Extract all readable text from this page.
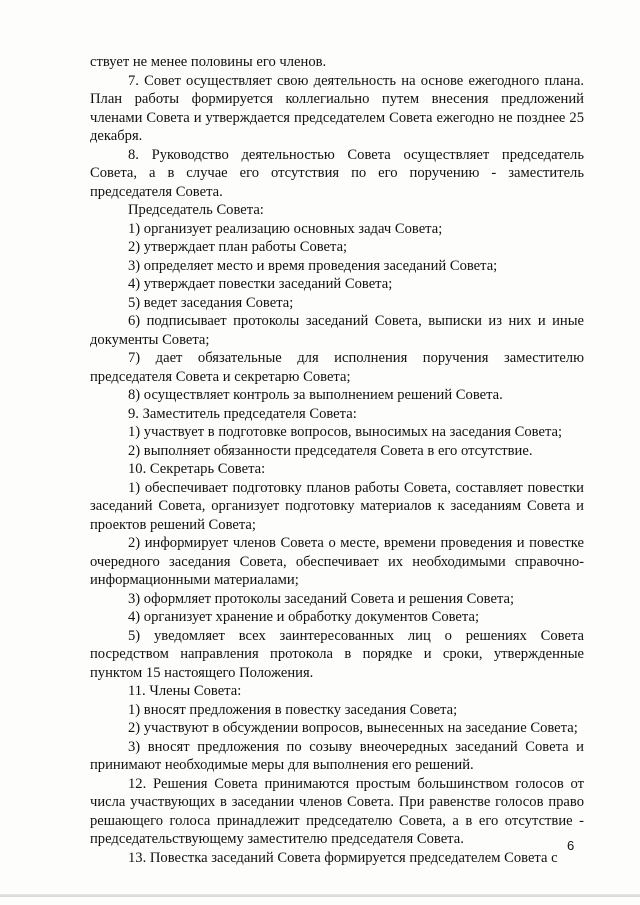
ствует не менее половины его членов.

7. Совет осуществляет свою деятельность на основе ежегодного плана. План работы формируется коллегиально путем внесения предложений членами Совета и утверждается председателем Совета ежегодно не позднее 25 декабря.

8. Руководство деятельностью Совета осуществляет председатель Совета, а в случае его отсутствия по его поручению - заместитель председателя Совета.

Председатель Совета:

1) организует реализацию основных задач Совета;

2) утверждает план работы Совета;

3) определяет место и время проведения заседаний Совета;

4) утверждает повестки заседаний Совета;

5) ведет заседания Совета;

6) подписывает протоколы заседаний Совета, выписки из них и иные документы Совета;

7) дает обязательные для исполнения поручения заместителю председателя Совета и секретарю Совета;

8) осуществляет контроль за выполнением решений Совета.

9. Заместитель председателя Совета:

1) участвует в подготовке вопросов, выносимых на заседания Совета;

2) выполняет обязанности председателя Совета в его отсутствие.

10. Секретарь Совета:

1) обеспечивает подготовку планов работы Совета, составляет повестки заседаний Совета, организует подготовку материалов к заседаниям Совета и проектов решений Совета;

2) информирует членов Совета о месте, времени проведения и повестке очередного заседания Совета, обеспечивает их необходимыми справочно-информационными материалами;

3) оформляет протоколы заседаний Совета и решения Совета;

4) организует хранение и обработку документов Совета;

5) уведомляет всех заинтересованных лиц о решениях Совета посредством направления протокола в порядке и сроки, утвержденные пунктом 15 настоящего Положения.

11. Члены Совета:

1) вносят предложения в повестку заседания Совета;

2) участвуют в обсуждении вопросов, вынесенных на заседание Совета;

3) вносят предложения по созыву внеочередных заседаний Совета и принимают необходимые меры для выполнения его решений.

12. Решения Совета принимаются простым большинством голосов от числа участвующих в заседании членов Совета. При равенстве голосов право решающего голоса принадлежит председателю Совета, а в его отсутствие - председательствующему заместителю председателя Совета.

13. Повестка заседаний Совета формируется председателем Совета с

6
